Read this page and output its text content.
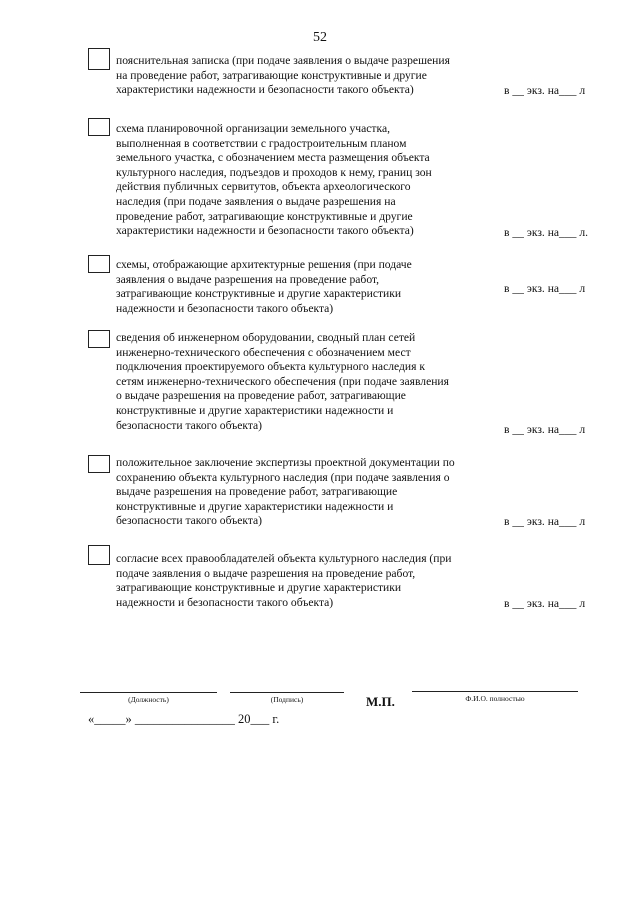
52
пояснительная записка (при подаче заявления о выдаче разрешения
на проведение работ, затрагивающие конструктивные и другие
характеристики надежности и безопасности такого объекта)	в __ экз. на___ л
схема планировочной организации земельного участка,
выполненная в соответствии с градостроительным планом
земельного участка, с обозначением места размещения объекта
культурного наследия, подъездов и проходов к нему, границ зон
действия публичных сервитутов, объекта археологического
наследия (при подаче заявления о выдаче разрешения на
проведение работ, затрагивающие конструктивные и другие
характеристики надежности и безопасности такого объекта)	в __ экз. на___ л.
схемы, отображающие архитектурные решения (при подаче
заявления о выдаче разрешения на проведение работ,
затрагивающие конструктивные и другие характеристики
надежности и безопасности такого объекта)
в __ экз. на___ л
сведения об инженерном оборудовании, сводный план сетей
инженерно-технического обеспечения с обозначением мест
подключения проектируемого объекта культурного наследия к
сетям инженерно-технического обеспечения (при подаче заявления
о выдаче разрешения на проведение работ, затрагивающие
конструктивные и другие характеристики надежности и
безопасности такого объекта)	в __ экз. на___ л
положительное заключение экспертизы проектной документации по
сохранению объекта культурного наследия (при подаче заявления о
выдаче разрешения на проведение работ, затрагивающие
конструктивные и другие характеристики надежности и
безопасности такого объекта)	в __ экз. на___ л
согласие всех правообладателей объекта культурного наследия (при
подаче заявления о выдаче разрешения на проведение работ,
затрагивающие конструктивные и другие характеристики
надежности и безопасности такого объекта)	в __ экз. на___ л
(Должность)	(Подпись)	М.П.	Ф.И.О. полностью
«_____» ________________ 20___ г.
